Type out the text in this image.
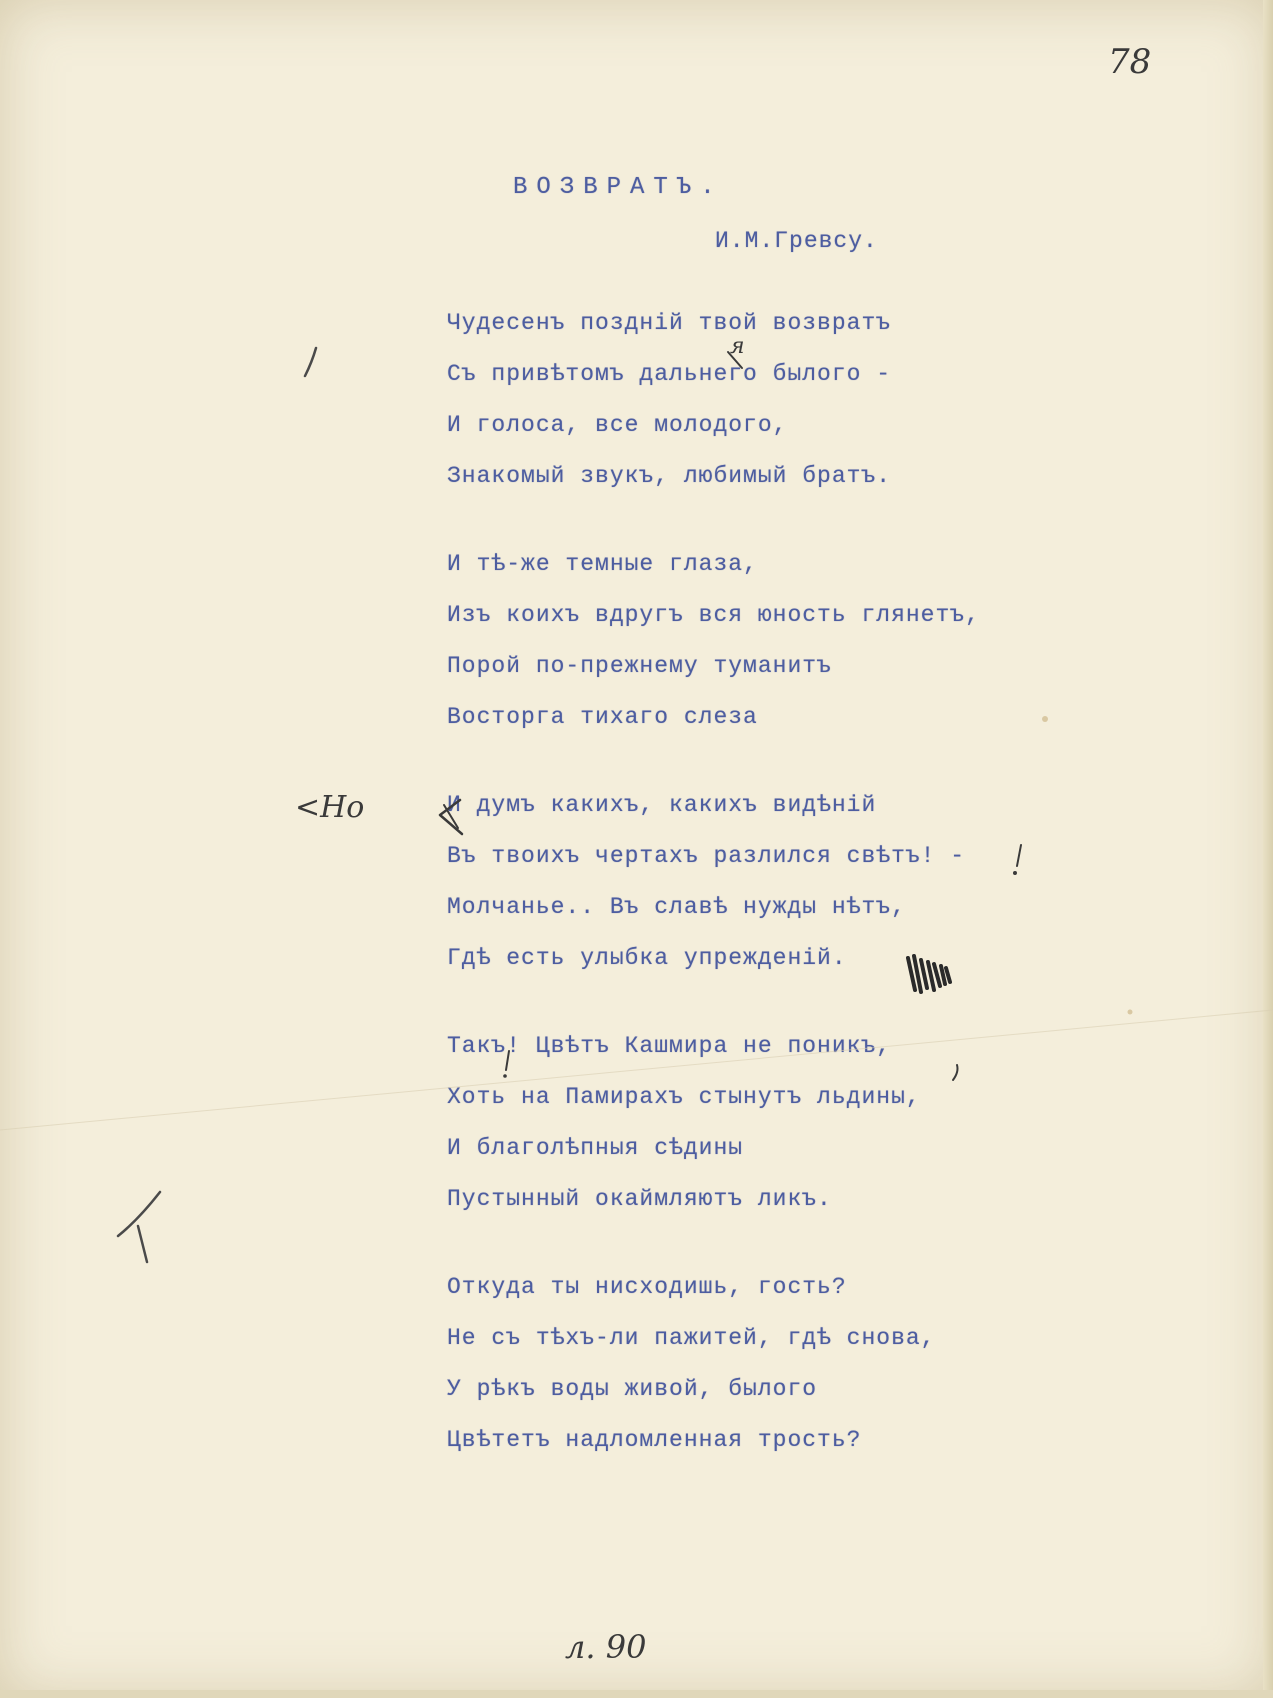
78
ВОЗВРАТЪ.
И.М.Гревсу.
Чудесенъ поздній твой возвратъ
Съ привѣтомъ дальнего былого -
И голоса, все молодого,
Знакомый звукъ, любимый братъ.
И тѣ-же темные глаза,
Изъ коихъ вдругъ вся юность глянетъ,
Порой по-прежнему туманитъ
Восторга тихаго слеза
И думъ какихъ, какихъ видѣній
Въ твоихъ чертахъ разлился свѣтъ! -
Молчанье.. Въ славѣ нужды нѣтъ,
Гдѣ есть улыбка упрежденій.
Такъ! Цвѣтъ Кашмира не поникъ,
Хоть на Памирахъ стынутъ льдины,
И благолѣпныя сѣдины
Пустынный окаймляютъ ликъ.
Откуда ты нисходишь, гость?
Не съ тѣхъ-ли пажитей, гдѣ снова,
У рѣкъ воды живой, былого
Цвѣтетъ надломленная трость?
я
<Но
л. 90
